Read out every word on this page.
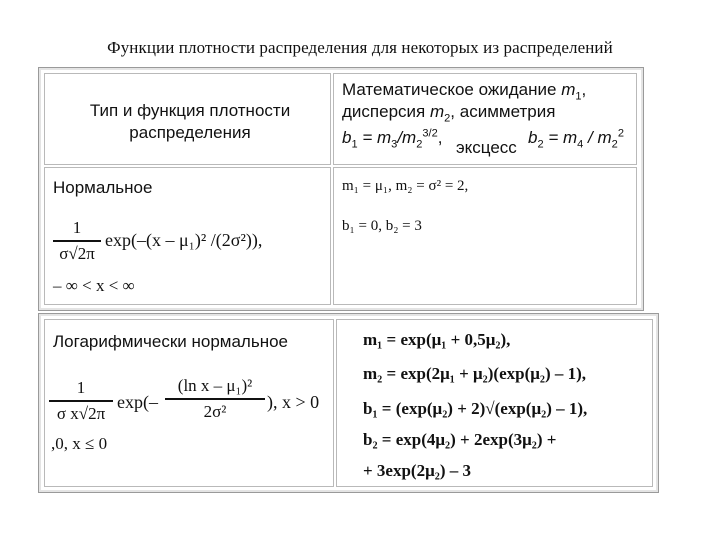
Функции плотности распределения для некоторых из распределений
Тип и функция плотности распределения
Математическое ожидание $m_1$,
дисперсия $m_2$, асимметрия
$b_1 = m_3/m_2^{3/2}$,
эксцесс
$b_2 = m_4 / m_2^2$
Нормальное
1
σ√2π
exp(–(x – μ₁)² /(2σ²)),
– ∞ < x < ∞
m₁ = μ₁, m₂ = σ² = 2,
b₁ = 0, b₂ = 3
Логарифмически нормальное
1
σ x√2π
exp(–
(ln x – μ₁)²
2σ²	), x > 0
,0, x ≤ 0
m₁ = exp(μ₁ + 0,5μ₂),
m₂ = exp(2μ₁ + μ₂)(exp(μ₂) – 1),
b₁ = (exp(μ₂) + 2)√(exp(μ₂) – 1),
b₂ = exp(4μ₂) + 2exp(3μ₂) +
+ 3exp(2μ₂) – 3
